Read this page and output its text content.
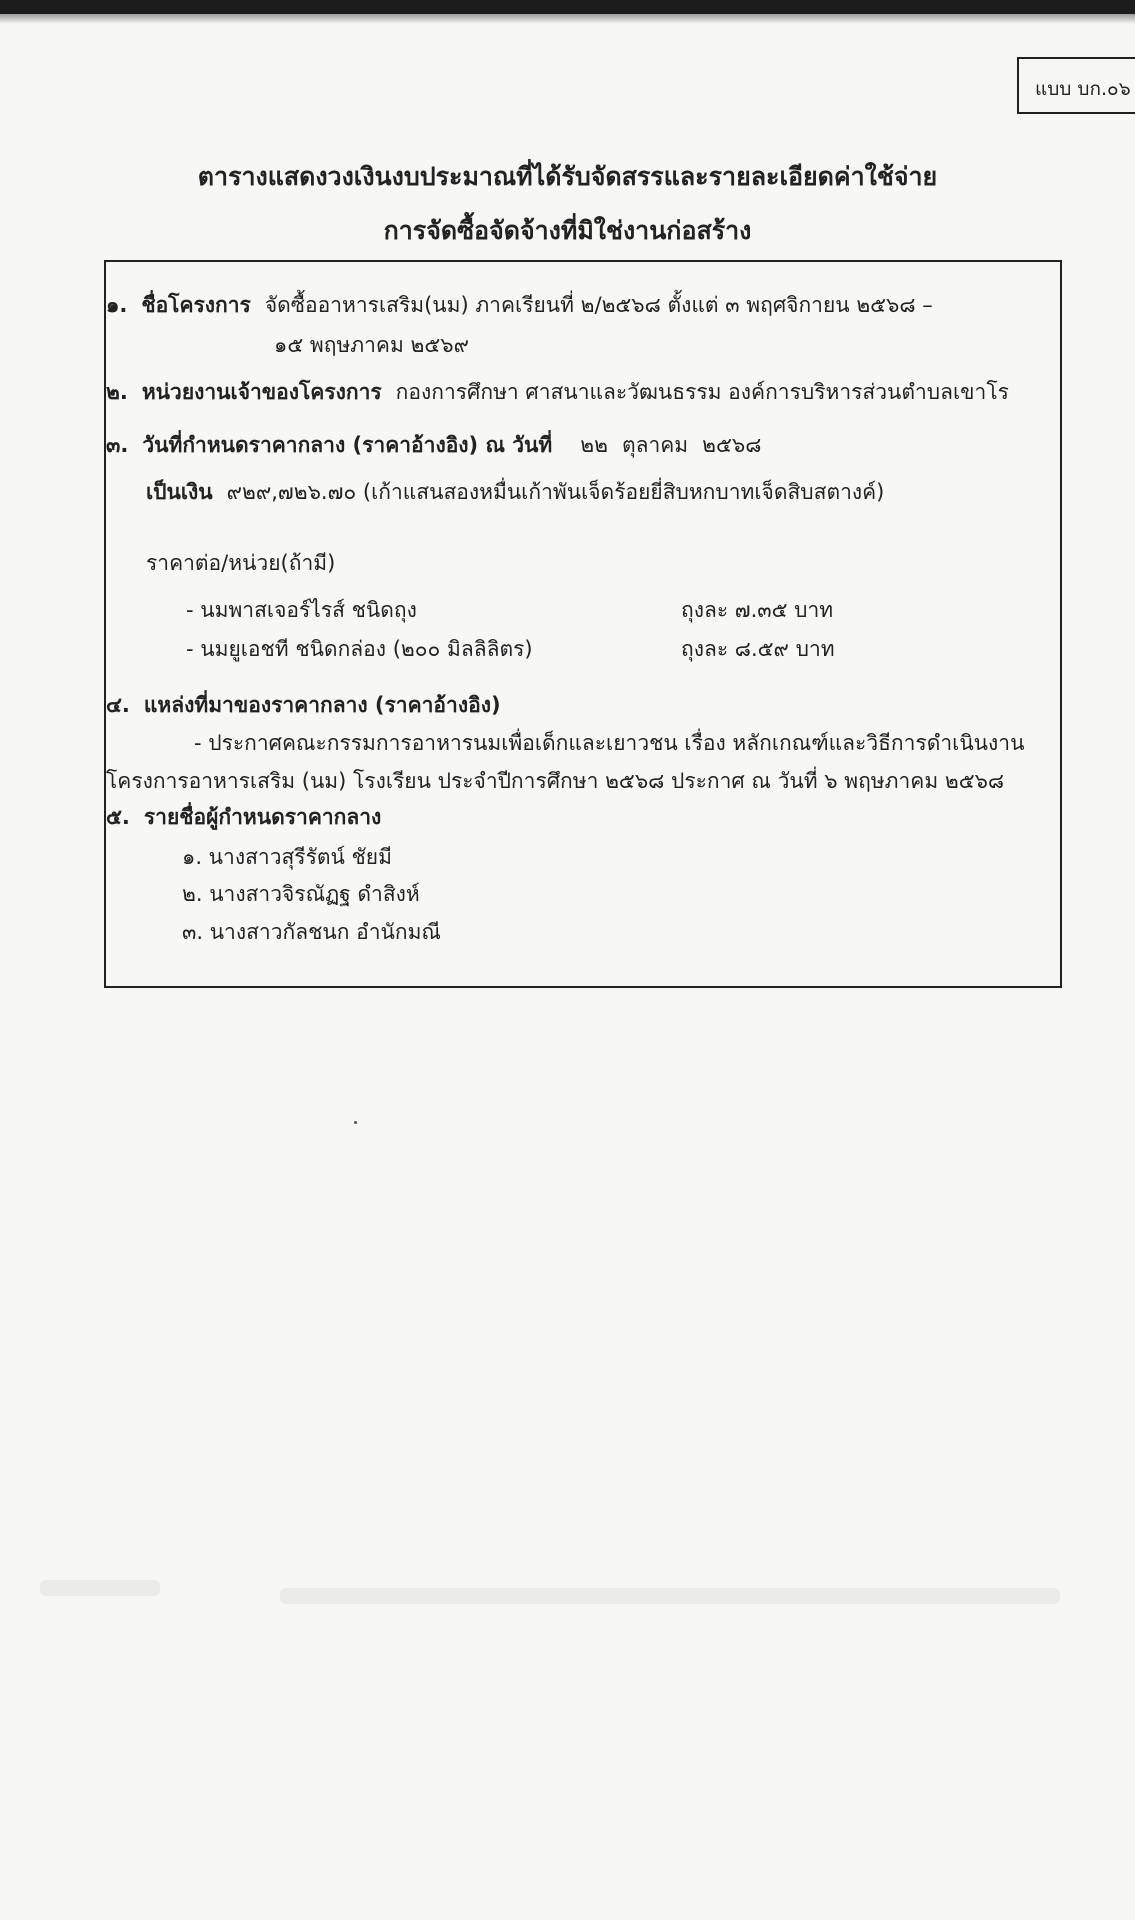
แบบ บก.๐๖
ตารางแสดงวงเงินงบประมาณที่ได้รับจัดสรรและรายละเอียดค่าใช้จ่าย
การจัดซื้อจัดจ้างที่มิใช่งานก่อสร้าง
๑. ชื่อโครงการ จัดซื้ออาหารเสริม(นม) ภาคเรียนที่ ๒/๒๕๖๘ ตั้งแต่ ๓ พฤศจิกายน ๒๕๖๘ –
๑๕ พฤษภาคม ๒๕๖๙
๒. หน่วยงานเจ้าของโครงการ กองการศึกษา ศาสนาและวัฒนธรรม องค์การบริหารส่วนตำบลเขาโร
๓. วันที่กำหนดราคากลาง (ราคาอ้างอิง) ณ วันที่ ๒๒ ตุลาคม ๒๕๖๘
เป็นเงิน ๙๒๙,๗๒๖.๗๐ (เก้าแสนสองหมื่นเก้าพันเจ็ดร้อยยี่สิบหกบาทเจ็ดสิบสตางค์)
ราคาต่อ/หน่วย(ถ้ามี)
- นมพาสเจอร์ไรส์ ชนิดถุง	ถุงละ ๗.๓๕ บาท
- นมยูเอชที ชนิดกล่อง (๒๐๐ มิลลิลิตร)	ถุงละ ๘.๕๙ บาท
๔. แหล่งที่มาของราคากลาง (ราคาอ้างอิง)
- ประกาศคณะกรรมการอาหารนมเพื่อเด็กและเยาวชน เรื่อง หลักเกณฑ์และวิธีการดำเนินงาน
โครงการอาหารเสริม (นม) โรงเรียน ประจำปีการศึกษา ๒๕๖๘ ประกาศ ณ วันที่ ๖ พฤษภาคม ๒๕๖๘
๕. รายชื่อผู้กำหนดราคากลาง
๑. นางสาวสุรีรัตน์ ชัยมี
๒. นางสาวจิรณัฏฐ ดำสิงห์
๓. นางสาวกัลชนก อำนักมณี
